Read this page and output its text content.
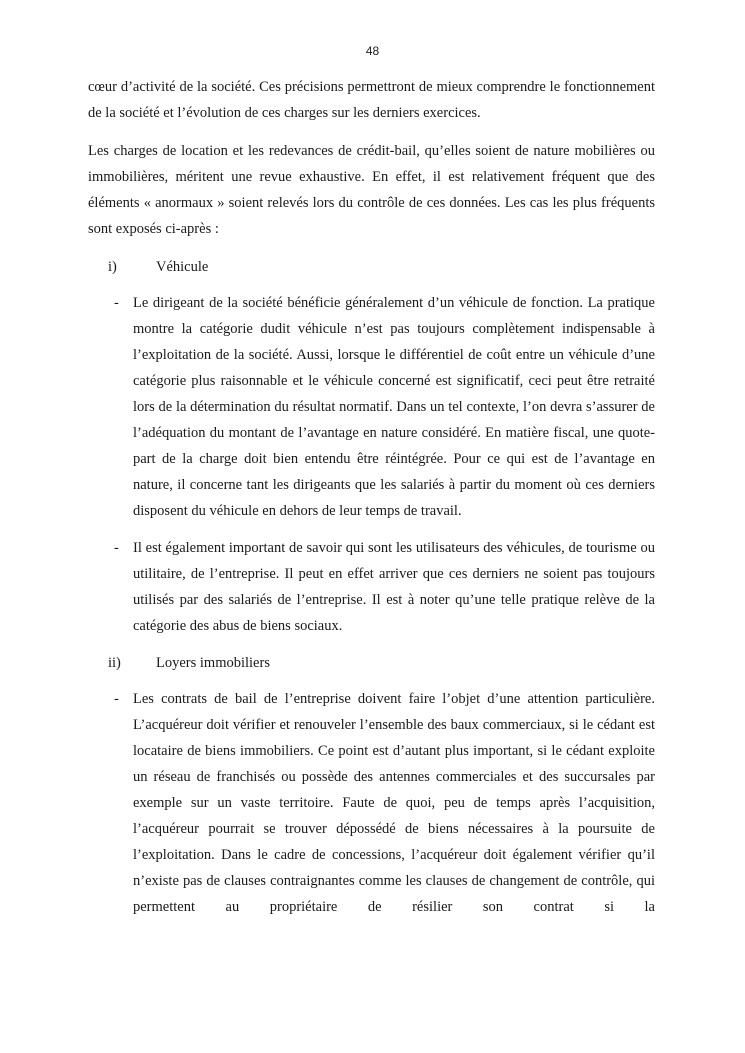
48

cœur d’activité de la société. Ces précisions permettront de mieux comprendre le fonctionnement de la société et l’évolution de ces charges sur les derniers exercices.

Les charges de location et les redevances de crédit-bail, qu’elles soient de nature mobilières ou immobilières, méritent une revue exhaustive. En effet, il est relativement fréquent que des éléments « anormaux » soient relevés lors du contrôle de ces données. Les cas les plus fréquents sont exposés ci-après :

i)	Véhicule
- Le dirigeant de la société bénéficie généralement d’un véhicule de fonction. La pratique montre la catégorie dudit véhicule n’est pas toujours complètement indispensable à l’exploitation de la société. Aussi, lorsque le différentiel de coût entre un véhicule d’une catégorie plus raisonnable et le véhicule concerné est significatif, ceci peut être retraité lors de la détermination du résultat normatif. Dans un tel contexte, l’on devra s’assurer de l’adéquation du montant de l’avantage en nature considéré. En matière fiscal, une quote-part de la charge doit bien entendu être réintégrée. Pour ce qui est de l’avantage en nature, il concerne tant les dirigeants que les salariés à partir du moment où ces derniers disposent du véhicule en dehors de leur temps de travail.
- Il est également important de savoir qui sont les utilisateurs des véhicules, de tourisme ou utilitaire, de l’entreprise. Il peut en effet arriver que ces derniers ne soient pas toujours utilisés par des salariés de l’entreprise. Il est à noter qu’une telle pratique relève de la catégorie des abus de biens sociaux.
ii)	Loyers immobiliers
- Les contrats de bail de l’entreprise doivent faire l’objet d’une attention particulière. L’acquéreur doit vérifier et renouveler l’ensemble des baux commerciaux, si le cédant est locataire de biens immobiliers. Ce point est d’autant plus important, si le cédant exploite un réseau de franchisés ou possède des antennes commerciales et des succursales par exemple sur un vaste territoire. Faute de quoi, peu de temps après l’acquisition, l’acquéreur pourrait se trouver dépossédé de biens nécessaires à la poursuite de l’exploitation. Dans le cadre de concessions, l’acquéreur doit également vérifier qu’il n’existe pas de clauses contraignantes comme les clauses de changement de contrôle, qui permettent au propriétaire de résilier son contrat si la
